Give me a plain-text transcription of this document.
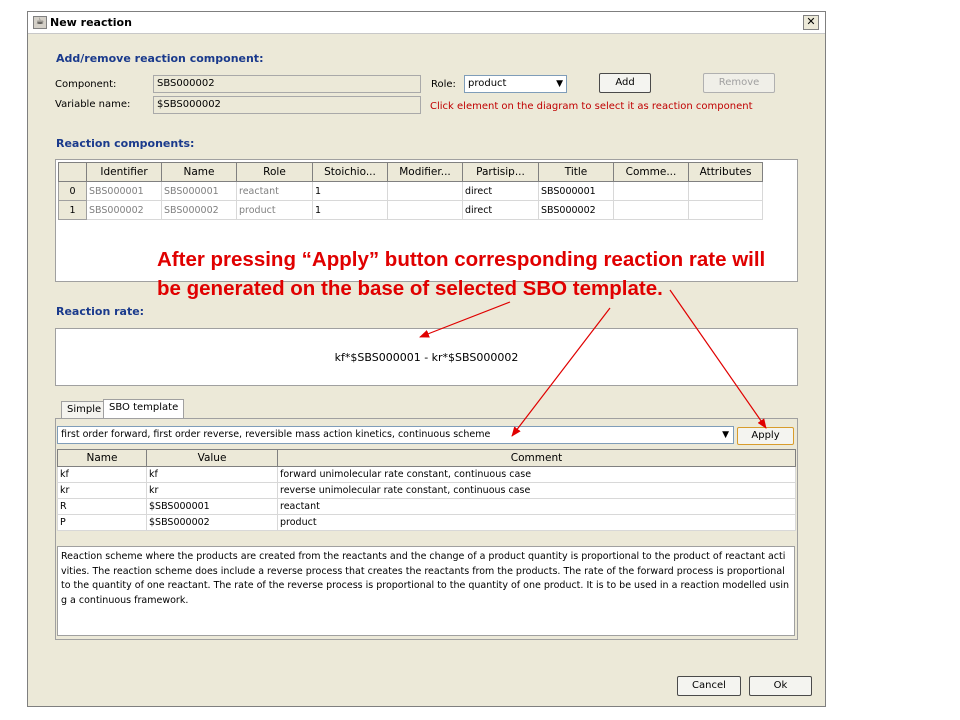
☕ New reaction	✕
Add/remove reaction component:
Component:	SBS000002	Role:	product	▼	Add	Remove
Variable name:	$SBS000002	Click element on the diagram to select it as reaction component
Reaction components:
	Identifier	Name	Role	Stoichio...	Modifier...	Partisip...	Title	Comme...	Attributes
0	SBS000001	SBS000001	reactant	1		direct	SBS000001		
1	SBS000002	SBS000002	product	1		direct	SBS000002		
Reaction rate:
kf*$SBS000001 - kr*$SBS000002
Simple SBO template
first order forward, first order reverse, reversible mass action kinetics, continuous scheme	▼	Apply
Name	Value	Comment
kf	kf	forward unimolecular rate constant, continuous case
kr	kr	reverse unimolecular rate constant, continuous case
R	$SBS000001	reactant
P	$SBS000002	product
Reaction scheme where the products are created from the reactants and the change of a product quantity is proportional to the product of reactant activities. The reaction scheme does include a reverse process that creates the reactants from the products. The rate of the forward process is proportional to the quantity of one reactant. The rate of the reverse process is proportional to the quantity of one product. It is to be used in a reaction modelled using a continuous framework.
Cancel	Ok
After pressing “Apply” button corresponding reaction rate will be generated on the base of selected SBO template.
